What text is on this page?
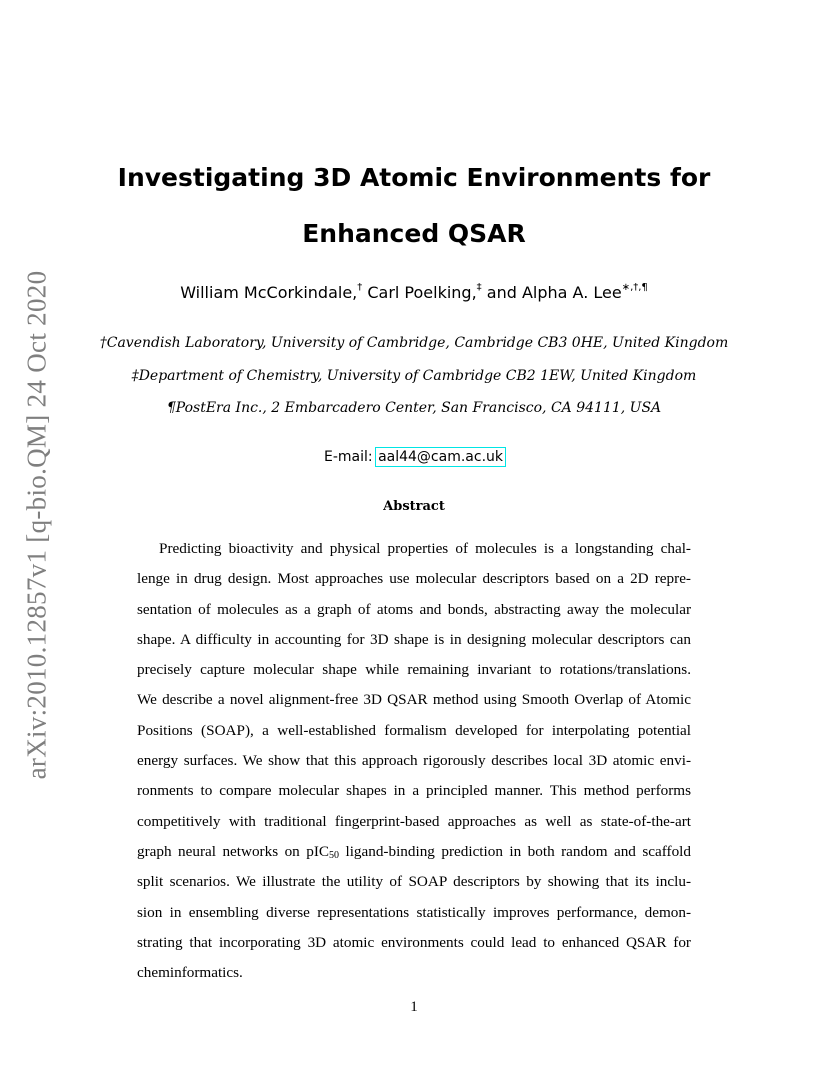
arXiv:2010.12857v1 [q-bio.QM] 24 Oct 2020
Investigating 3D Atomic Environments for
Enhanced QSAR
William McCorkindale,† Carl Poelking,‡ and Alpha A. Lee∗,†,¶
†Cavendish Laboratory, University of Cambridge, Cambridge CB3 0HE, United Kingdom
‡Department of Chemistry, University of Cambridge CB2 1EW, United Kingdom
¶PostEra Inc., 2 Embarcadero Center, San Francisco, CA 94111, USA
E-mail: aal44@cam.ac.uk
Abstract
Predicting bioactivity and physical properties of molecules is a longstanding chal-
lenge in drug design. Most approaches use molecular descriptors based on a 2D repre-
sentation of molecules as a graph of atoms and bonds, abstracting away the molecular
shape. A difficulty in accounting for 3D shape is in designing molecular descriptors can
precisely capture molecular shape while remaining invariant to rotations/translations.
We describe a novel alignment-free 3D QSAR method using Smooth Overlap of Atomic
Positions (SOAP), a well-established formalism developed for interpolating potential
energy surfaces. We show that this approach rigorously describes local 3D atomic envi-
ronments to compare molecular shapes in a principled manner. This method performs
competitively with traditional fingerprint-based approaches as well as state-of-the-art
graph neural networks on pIC$_{50}$ ligand-binding prediction in both random and scaffold
split scenarios. We illustrate the utility of SOAP descriptors by showing that its inclu-
sion in ensembling diverse representations statistically improves performance, demon-
strating that incorporating 3D atomic environments could lead to enhanced QSAR for
cheminformatics.
1
